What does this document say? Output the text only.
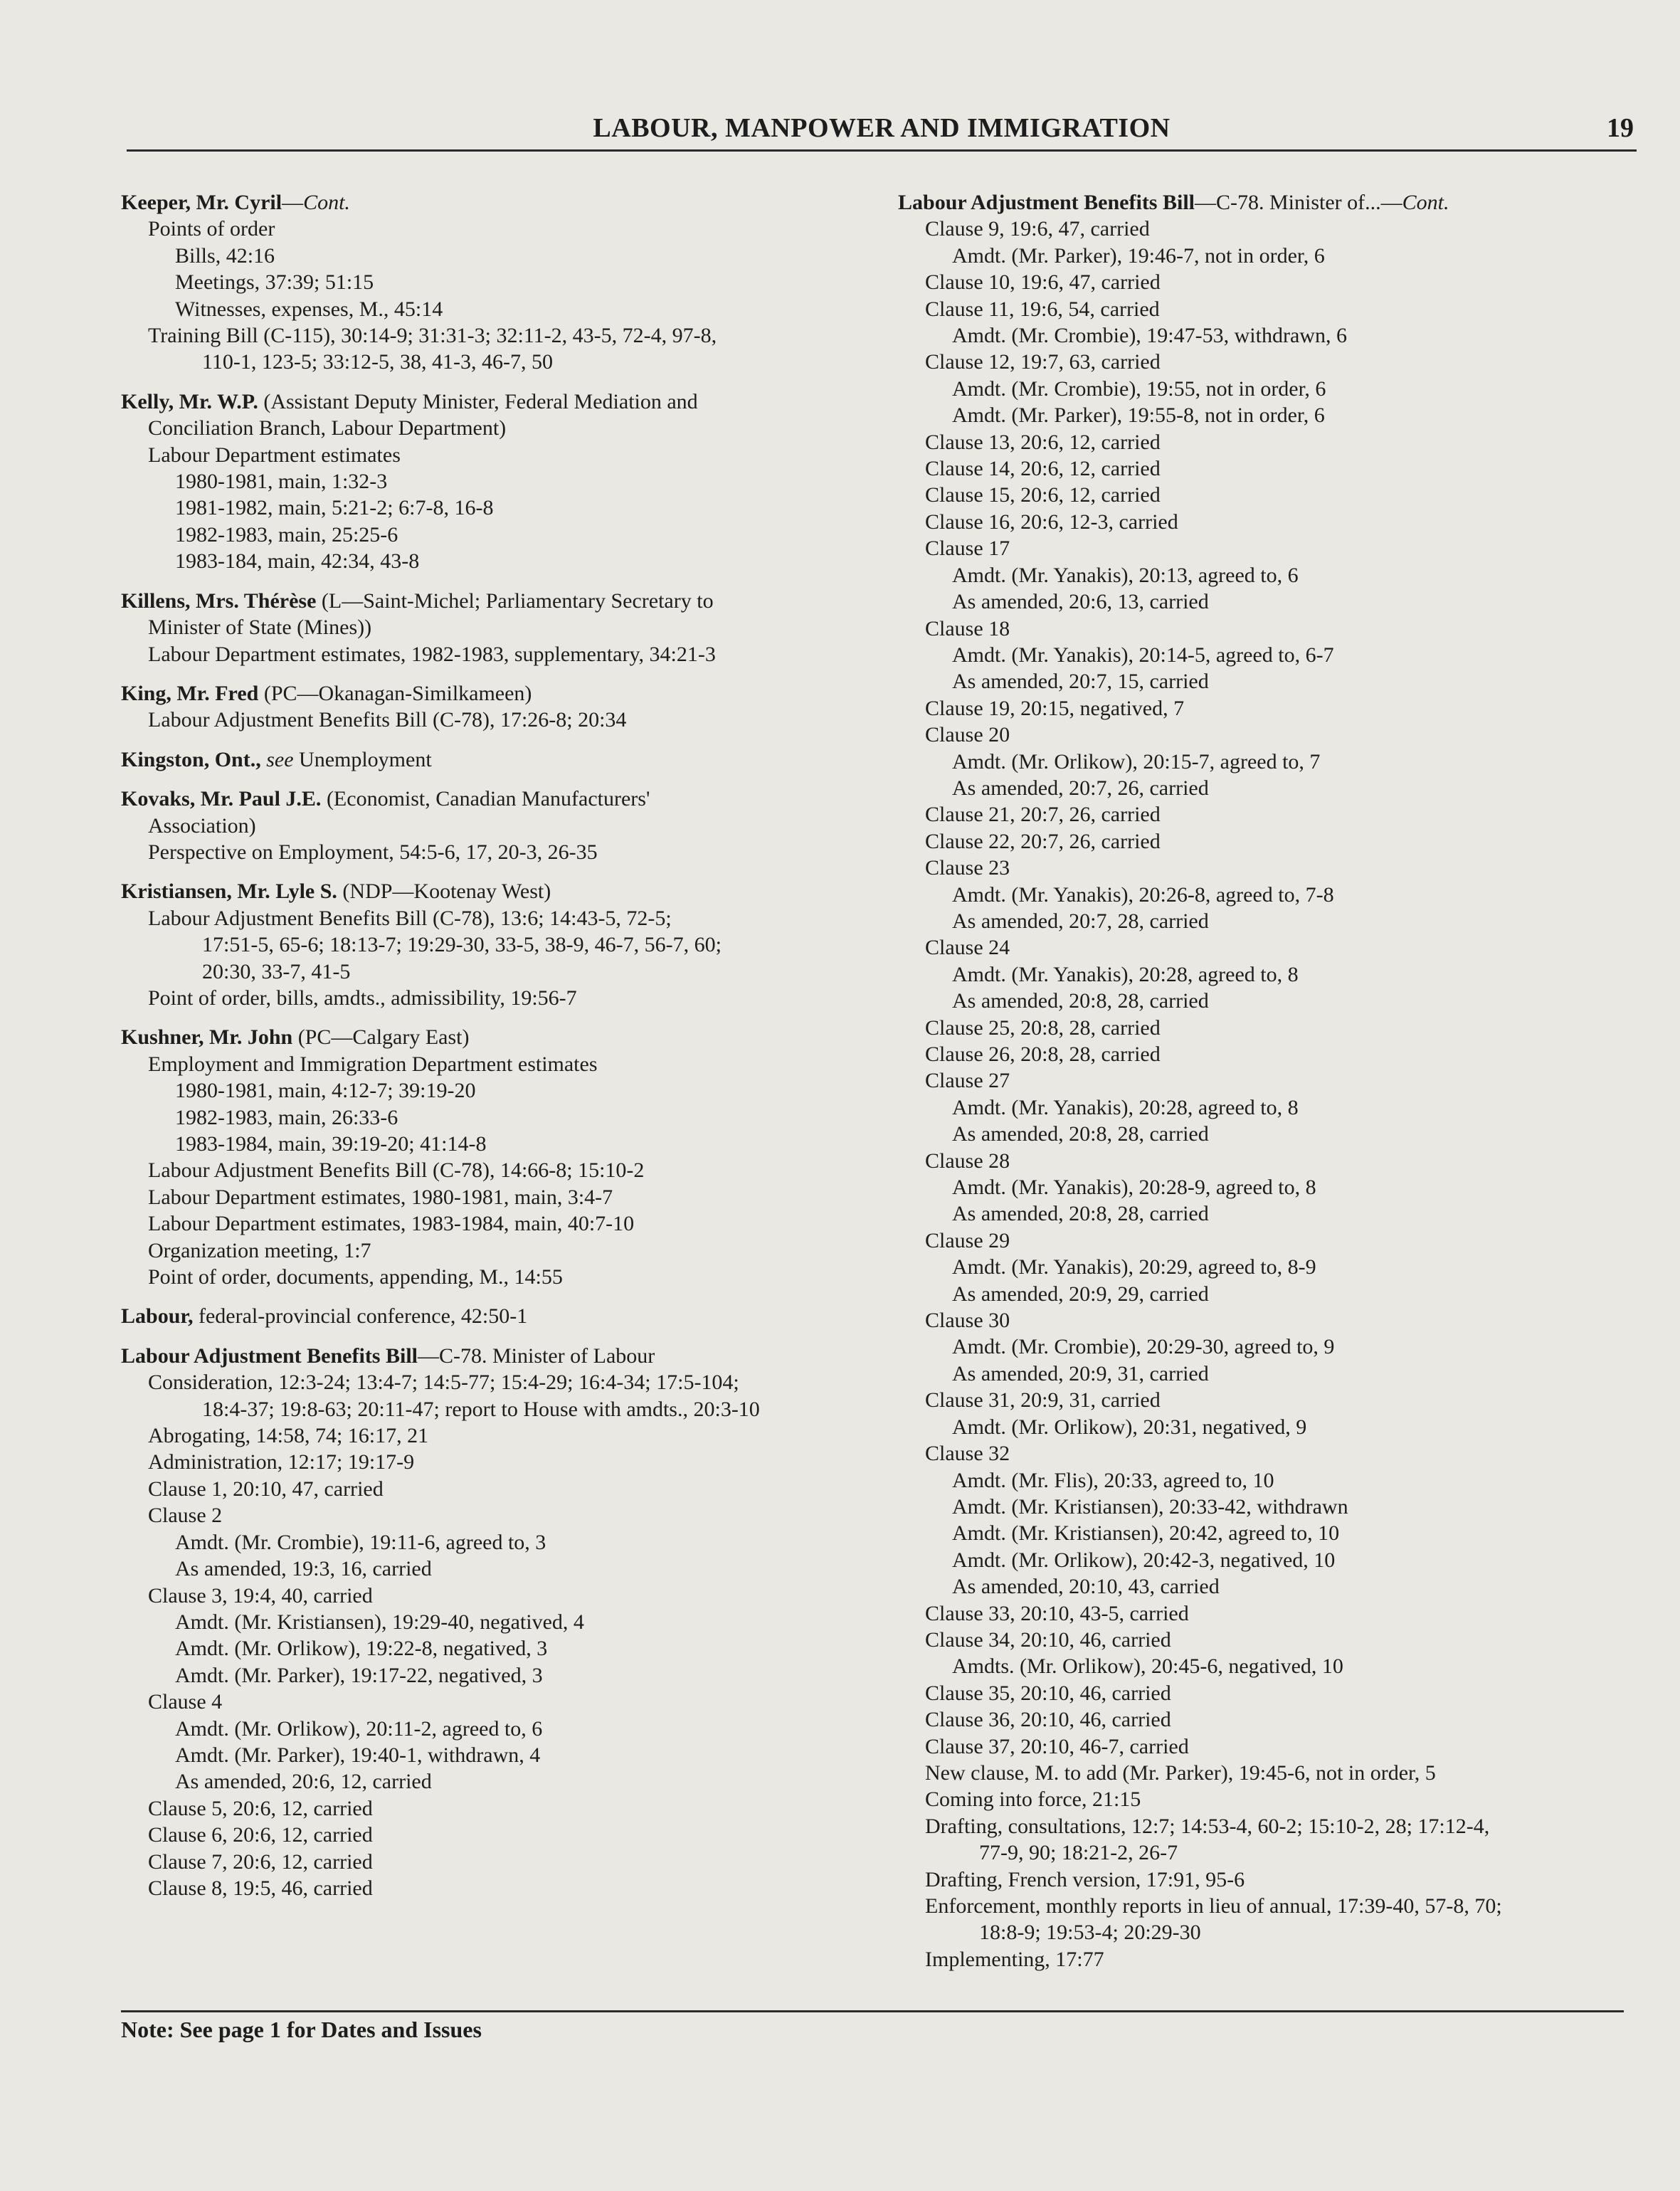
LABOUR, MANPOWER AND IMMIGRATION	19
Keeper, Mr. Cyril—Cont.
Points of order
Bills, 42:16
Meetings, 37:39; 51:15
Witnesses, expenses, M., 45:14
Training Bill (C-115), 30:14-9; 31:31-3; 32:11-2, 43-5, 72-4, 97-8,
110-1, 123-5; 33:12-5, 38, 41-3, 46-7, 50
Kelly, Mr. W.P. (Assistant Deputy Minister, Federal Mediation and
Conciliation Branch, Labour Department)
Labour Department estimates
1980-1981, main, 1:32-3
1981-1982, main, 5:21-2; 6:7-8, 16-8
1982-1983, main, 25:25-6
1983-184, main, 42:34, 43-8
Killens, Mrs. Thérèse (L—Saint-Michel; Parliamentary Secretary to
Minister of State (Mines))
Labour Department estimates, 1982-1983, supplementary, 34:21-3
King, Mr. Fred (PC—Okanagan-Similkameen)
Labour Adjustment Benefits Bill (C-78), 17:26-8; 20:34
Kingston, Ont., see Unemployment
Kovaks, Mr. Paul J.E. (Economist, Canadian Manufacturers'
Association)
Perspective on Employment, 54:5-6, 17, 20-3, 26-35
Kristiansen, Mr. Lyle S. (NDP—Kootenay West)
Labour Adjustment Benefits Bill (C-78), 13:6; 14:43-5, 72-5;
17:51-5, 65-6; 18:13-7; 19:29-30, 33-5, 38-9, 46-7, 56-7, 60;
20:30, 33-7, 41-5
Point of order, bills, amdts., admissibility, 19:56-7
Kushner, Mr. John (PC—Calgary East)
Employment and Immigration Department estimates
1980-1981, main, 4:12-7; 39:19-20
1982-1983, main, 26:33-6
1983-1984, main, 39:19-20; 41:14-8
Labour Adjustment Benefits Bill (C-78), 14:66-8; 15:10-2
Labour Department estimates, 1980-1981, main, 3:4-7
Labour Department estimates, 1983-1984, main, 40:7-10
Organization meeting, 1:7
Point of order, documents, appending, M., 14:55
Labour, federal-provincial conference, 42:50-1
Labour Adjustment Benefits Bill—C-78. Minister of Labour
Consideration, 12:3-24; 13:4-7; 14:5-77; 15:4-29; 16:4-34; 17:5-104;
18:4-37; 19:8-63; 20:11-47; report to House with amdts., 20:3-10
Abrogating, 14:58, 74; 16:17, 21
Administration, 12:17; 19:17-9
Clause 1, 20:10, 47, carried
Clause 2
Amdt. (Mr. Crombie), 19:11-6, agreed to, 3
As amended, 19:3, 16, carried
Clause 3, 19:4, 40, carried
Amdt. (Mr. Kristiansen), 19:29-40, negatived, 4
Amdt. (Mr. Orlikow), 19:22-8, negatived, 3
Amdt. (Mr. Parker), 19:17-22, negatived, 3
Clause 4
Amdt. (Mr. Orlikow), 20:11-2, agreed to, 6
Amdt. (Mr. Parker), 19:40-1, withdrawn, 4
As amended, 20:6, 12, carried
Clause 5, 20:6, 12, carried
Clause 6, 20:6, 12, carried
Clause 7, 20:6, 12, carried
Clause 8, 19:5, 46, carried
Labour Adjustment Benefits Bill—C-78. Minister of...—Cont.
Clause 9, 19:6, 47, carried
Amdt. (Mr. Parker), 19:46-7, not in order, 6
Clause 10, 19:6, 47, carried
Clause 11, 19:6, 54, carried
Amdt. (Mr. Crombie), 19:47-53, withdrawn, 6
Clause 12, 19:7, 63, carried
Amdt. (Mr. Crombie), 19:55, not in order, 6
Amdt. (Mr. Parker), 19:55-8, not in order, 6
Clause 13, 20:6, 12, carried
Clause 14, 20:6, 12, carried
Clause 15, 20:6, 12, carried
Clause 16, 20:6, 12-3, carried
Clause 17
Amdt. (Mr. Yanakis), 20:13, agreed to, 6
As amended, 20:6, 13, carried
Clause 18
Amdt. (Mr. Yanakis), 20:14-5, agreed to, 6-7
As amended, 20:7, 15, carried
Clause 19, 20:15, negatived, 7
Clause 20
Amdt. (Mr. Orlikow), 20:15-7, agreed to, 7
As amended, 20:7, 26, carried
Clause 21, 20:7, 26, carried
Clause 22, 20:7, 26, carried
Clause 23
Amdt. (Mr. Yanakis), 20:26-8, agreed to, 7-8
As amended, 20:7, 28, carried
Clause 24
Amdt. (Mr. Yanakis), 20:28, agreed to, 8
As amended, 20:8, 28, carried
Clause 25, 20:8, 28, carried
Clause 26, 20:8, 28, carried
Clause 27
Amdt. (Mr. Yanakis), 20:28, agreed to, 8
As amended, 20:8, 28, carried
Clause 28
Amdt. (Mr. Yanakis), 20:28-9, agreed to, 8
As amended, 20:8, 28, carried
Clause 29
Amdt. (Mr. Yanakis), 20:29, agreed to, 8-9
As amended, 20:9, 29, carried
Clause 30
Amdt. (Mr. Crombie), 20:29-30, agreed to, 9
As amended, 20:9, 31, carried
Clause 31, 20:9, 31, carried
Amdt. (Mr. Orlikow), 20:31, negatived, 9
Clause 32
Amdt. (Mr. Flis), 20:33, agreed to, 10
Amdt. (Mr. Kristiansen), 20:33-42, withdrawn
Amdt. (Mr. Kristiansen), 20:42, agreed to, 10
Amdt. (Mr. Orlikow), 20:42-3, negatived, 10
As amended, 20:10, 43, carried
Clause 33, 20:10, 43-5, carried
Clause 34, 20:10, 46, carried
Amdts. (Mr. Orlikow), 20:45-6, negatived, 10
Clause 35, 20:10, 46, carried
Clause 36, 20:10, 46, carried
Clause 37, 20:10, 46-7, carried
New clause, M. to add (Mr. Parker), 19:45-6, not in order, 5
Coming into force, 21:15
Drafting, consultations, 12:7; 14:53-4, 60-2; 15:10-2, 28; 17:12-4,
77-9, 90; 18:21-2, 26-7
Drafting, French version, 17:91, 95-6
Enforcement, monthly reports in lieu of annual, 17:39-40, 57-8, 70;
18:8-9; 19:53-4; 20:29-30
Implementing, 17:77
Note: See page 1 for Dates and Issues
